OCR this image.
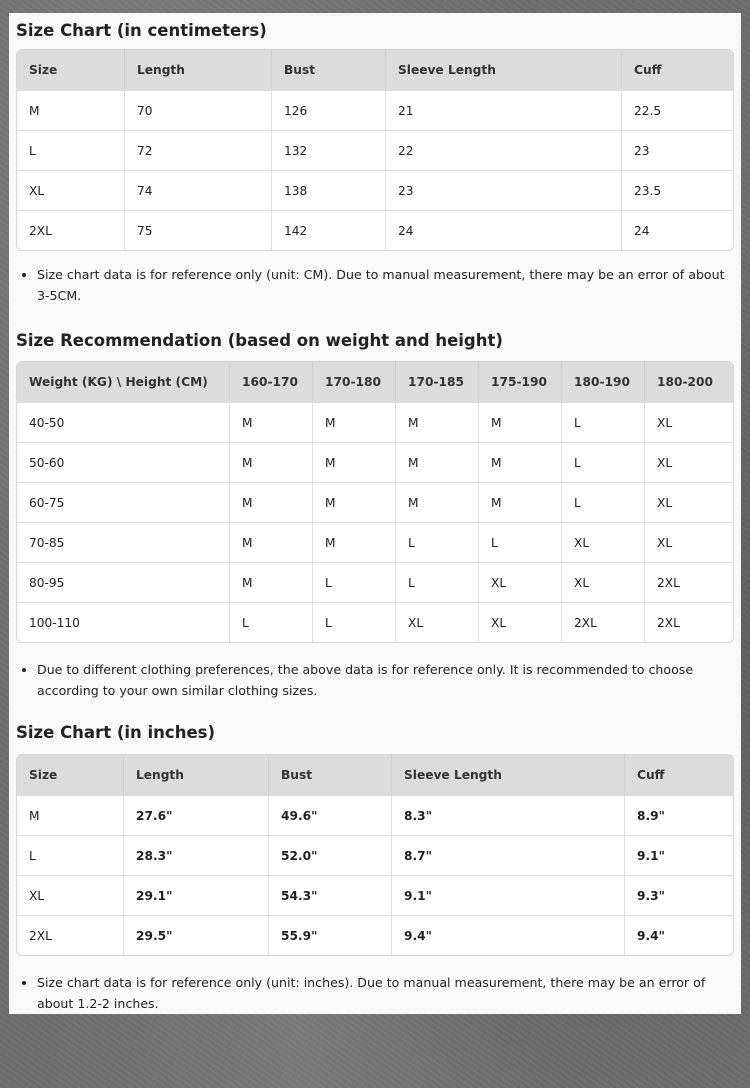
Size Chart (in centimeters)
Size	Length	Bust	Sleeve Length	Cuff
M	70	126	21	22.5
L	72	132	22	23
XL	74	138	23	23.5
2XL	75	142	24	24
• Size chart data is for reference only (unit: CM). Due to manual measurement, there may be an error of about 3-5CM.
Size Recommendation (based on weight and height)
Weight (KG) \ Height (CM)	160-170	170-180	170-185	175-190	180-190	180-200
40-50	M	M	M	M	L	XL
50-60	M	M	M	M	L	XL
60-75	M	M	M	M	L	XL
70-85	M	M	L	L	XL	XL
80-95	M	L	L	XL	XL	2XL
100-110	L	L	XL	XL	2XL	2XL
• Due to different clothing preferences, the above data is for reference only. It is recommended to choose according to your own similar clothing sizes.
Size Chart (in inches)
Size	Length	Bust	Sleeve Length	Cuff
M	27.6"	49.6"	8.3"	8.9"
L	28.3"	52.0"	8.7"	9.1"
XL	29.1"	54.3"	9.1"	9.3"
2XL	29.5"	55.9"	9.4"	9.4"
• Size chart data is for reference only (unit: inches). Due to manual measurement, there may be an error of about 1.2-2 inches.
